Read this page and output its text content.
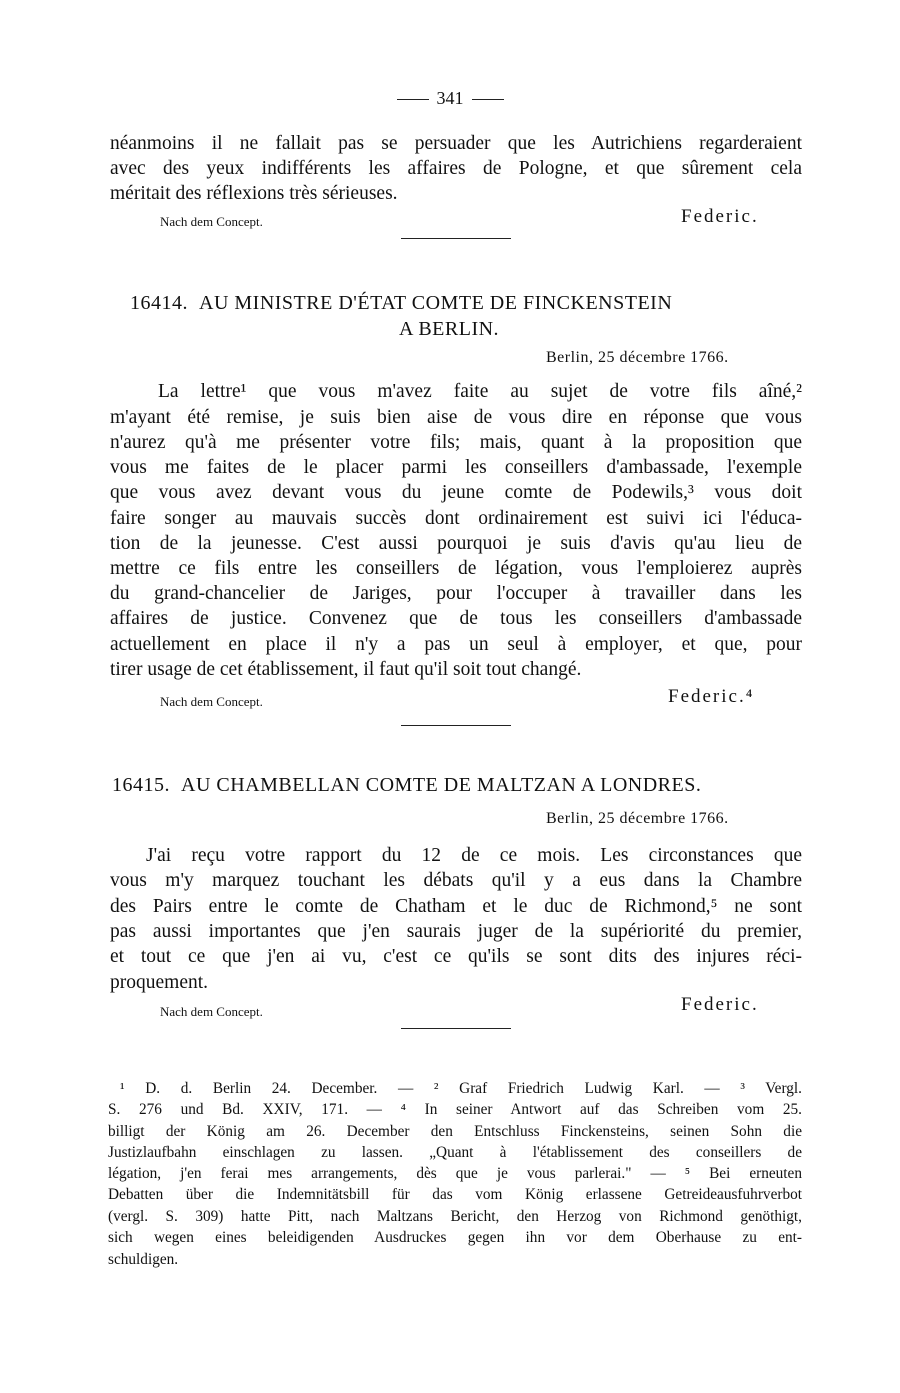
341
néanmoins il ne fallait pas se persuader que les Autrichiens regarderaient
avec des yeux indifférents les affaires de Pologne, et que sûrement cela
méritait des réflexions très sérieuses.
Nach dem Concept.	Federic.
16414. AU MINISTRE D'ÉTAT COMTE DE FINCKENSTEIN
A BERLIN.
Berlin, 25 décembre 1766.
La lettre¹ que vous m'avez faite au sujet de votre fils aîné,²
m'ayant été remise, je suis bien aise de vous dire en réponse que vous
n'aurez qu'à me présenter votre fils; mais, quant à la proposition que
vous me faites de le placer parmi les conseillers d'ambassade, l'exemple
que vous avez devant vous du jeune comte de Podewils,³ vous doit
faire songer au mauvais succès dont ordinairement est suivi ici l'éduca-
tion de la jeunesse. C'est aussi pourquoi je suis d'avis qu'au lieu de
mettre ce fils entre les conseillers de légation, vous l'emploierez auprès
du grand-chancelier de Jariges, pour l'occuper à travailler dans les
affaires de justice. Convenez que de tous les conseillers d'ambassade
actuellement en place il n'y a pas un seul à employer, et que, pour
tirer usage de cet établissement, il faut qu'il soit tout changé.
Nach dem Concept.	Federic.⁴
16415. AU CHAMBELLAN COMTE DE MALTZAN A LONDRES.
Berlin, 25 décembre 1766.
J'ai reçu votre rapport du 12 de ce mois. Les circonstances que
vous m'y marquez touchant les débats qu'il y a eus dans la Chambre
des Pairs entre le comte de Chatham et le duc de Richmond,⁵ ne sont
pas aussi importantes que j'en saurais juger de la supériorité du premier,
et tout ce que j'en ai vu, c'est ce qu'ils se sont dits des injures réci-
proquement.
Nach dem Concept.	Federic.
¹ D. d. Berlin 24. December. — ² Graf Friedrich Ludwig Karl. — ³ Vergl.
S. 276 und Bd. XXIV, 171. — ⁴ In seiner Antwort auf das Schreiben vom 25.
billigt der König am 26. December den Entschluss Finckensteins, seinen Sohn die
Justizlaufbahn einschlagen zu lassen. „Quant à l'établissement des conseillers de
légation, j'en ferai mes arrangements, dès que je vous parlerai." — ⁵ Bei erneuten
Debatten über die Indemnitätsbill für das vom König erlassene Getreideausfuhrverbot
(vergl. S. 309) hatte Pitt, nach Maltzans Bericht, den Herzog von Richmond genöthigt,
sich wegen eines beleidigenden Ausdruckes gegen ihn vor dem Oberhause zu ent-
schuldigen.
